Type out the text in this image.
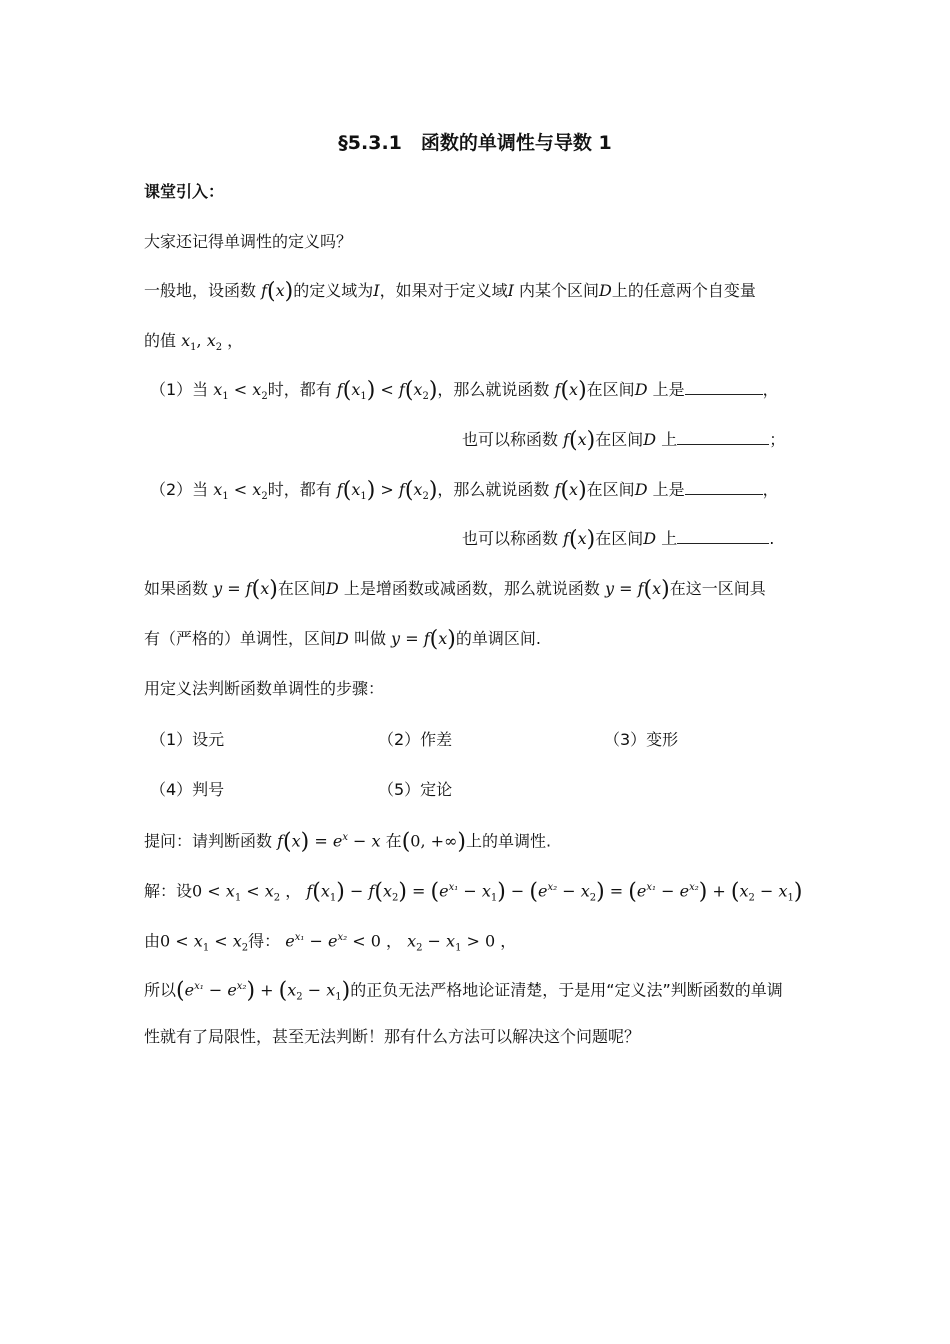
§5.3.1　函数的单调性与导数 1
课堂引入：
大家还记得单调性的定义吗？
一般地，设函数 f(x)的定义域为I，如果对于定义域I 内某个区间D上的任意两个自变量
的值 $x_1$, $x_2$ ，
（1）当 $x_1 < x_2$时，都有 $f(x_1) < f(x_2)$，那么就说函数 f(x)在区间D 上是	，
也可以称函数 f(x)在区间D 上	；
（2）当 $x_1 < x_2$时，都有 $f(x_1) > f(x_2)$，那么就说函数 f(x)在区间D 上是	，
也可以称函数 f(x)在区间D 上	.
如果函数 y = f(x)在区间D 上是增函数或减函数，那么就说函数 y = f(x)在这一区间具
有（严格的）单调性，区间D 叫做 y = f(x)的单调区间.
用定义法判断函数单调性的步骤：
（1）设元	（2）作差	（3）变形
（4）判号	（5）定论
提问：请判断函数 $f(x) = e^x - x$ 在(0, +∞)上的单调性.
解：设$0 < x_1 < x_2$ ， $f(x_1) - f(x_2) = (e^{x_1} - x_1) - (e^{x_2} - x_2) = (e^{x_1} - e^{x_2}) + (x_2 - x_1)$
由$0 < x_1 < x_2$得： $e^{x_1} - e^{x_2} < 0$ ， $x_2 - x_1 > 0$ ，
所以$(e^{x_1} - e^{x_2}) + (x_2 - x_1)$的正负无法严格地论证清楚，于是用“定义法”判断函数的单调
性就有了局限性，甚至无法判断！那有什么方法可以解决这个问题呢？
